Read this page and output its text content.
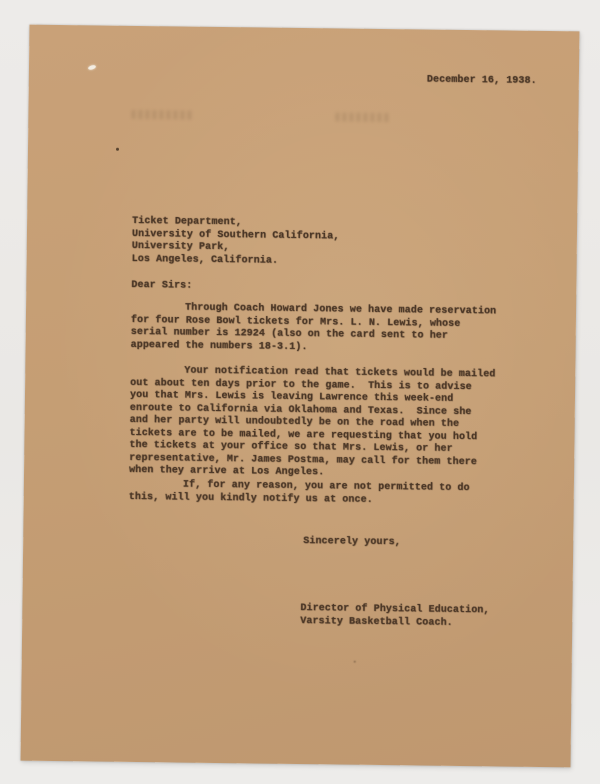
December 16, 1938.
Ticket Department,
University of Southern California,
University Park,
Los Angeles, California.
Dear Sirs:
Through Coach Howard Jones we have made reservation
for four Rose Bowl tickets for Mrs. L. N. Lewis, whose
serial number is 12924 (also on the card sent to her
appeared the numbers 18-3.1).
Your notification read that tickets would be mailed
out about ten days prior to the game.  This is to advise
you that Mrs. Lewis is leaving Lawrence this week-end
enroute to California via Oklahoma and Texas.  Since she
and her party will undoubtedly be on the road when the
tickets are to be mailed, we are requesting that you hold
the tickets at your office so that Mrs. Lewis, or her
representative, Mr. James Postma, may call for them there
when they arrive at Los Angeles.
If, for any reason, you are not permitted to do
this, will you kindly notify us at once.
Sincerely yours,
Director of Physical Education,
Varsity Basketball Coach.
